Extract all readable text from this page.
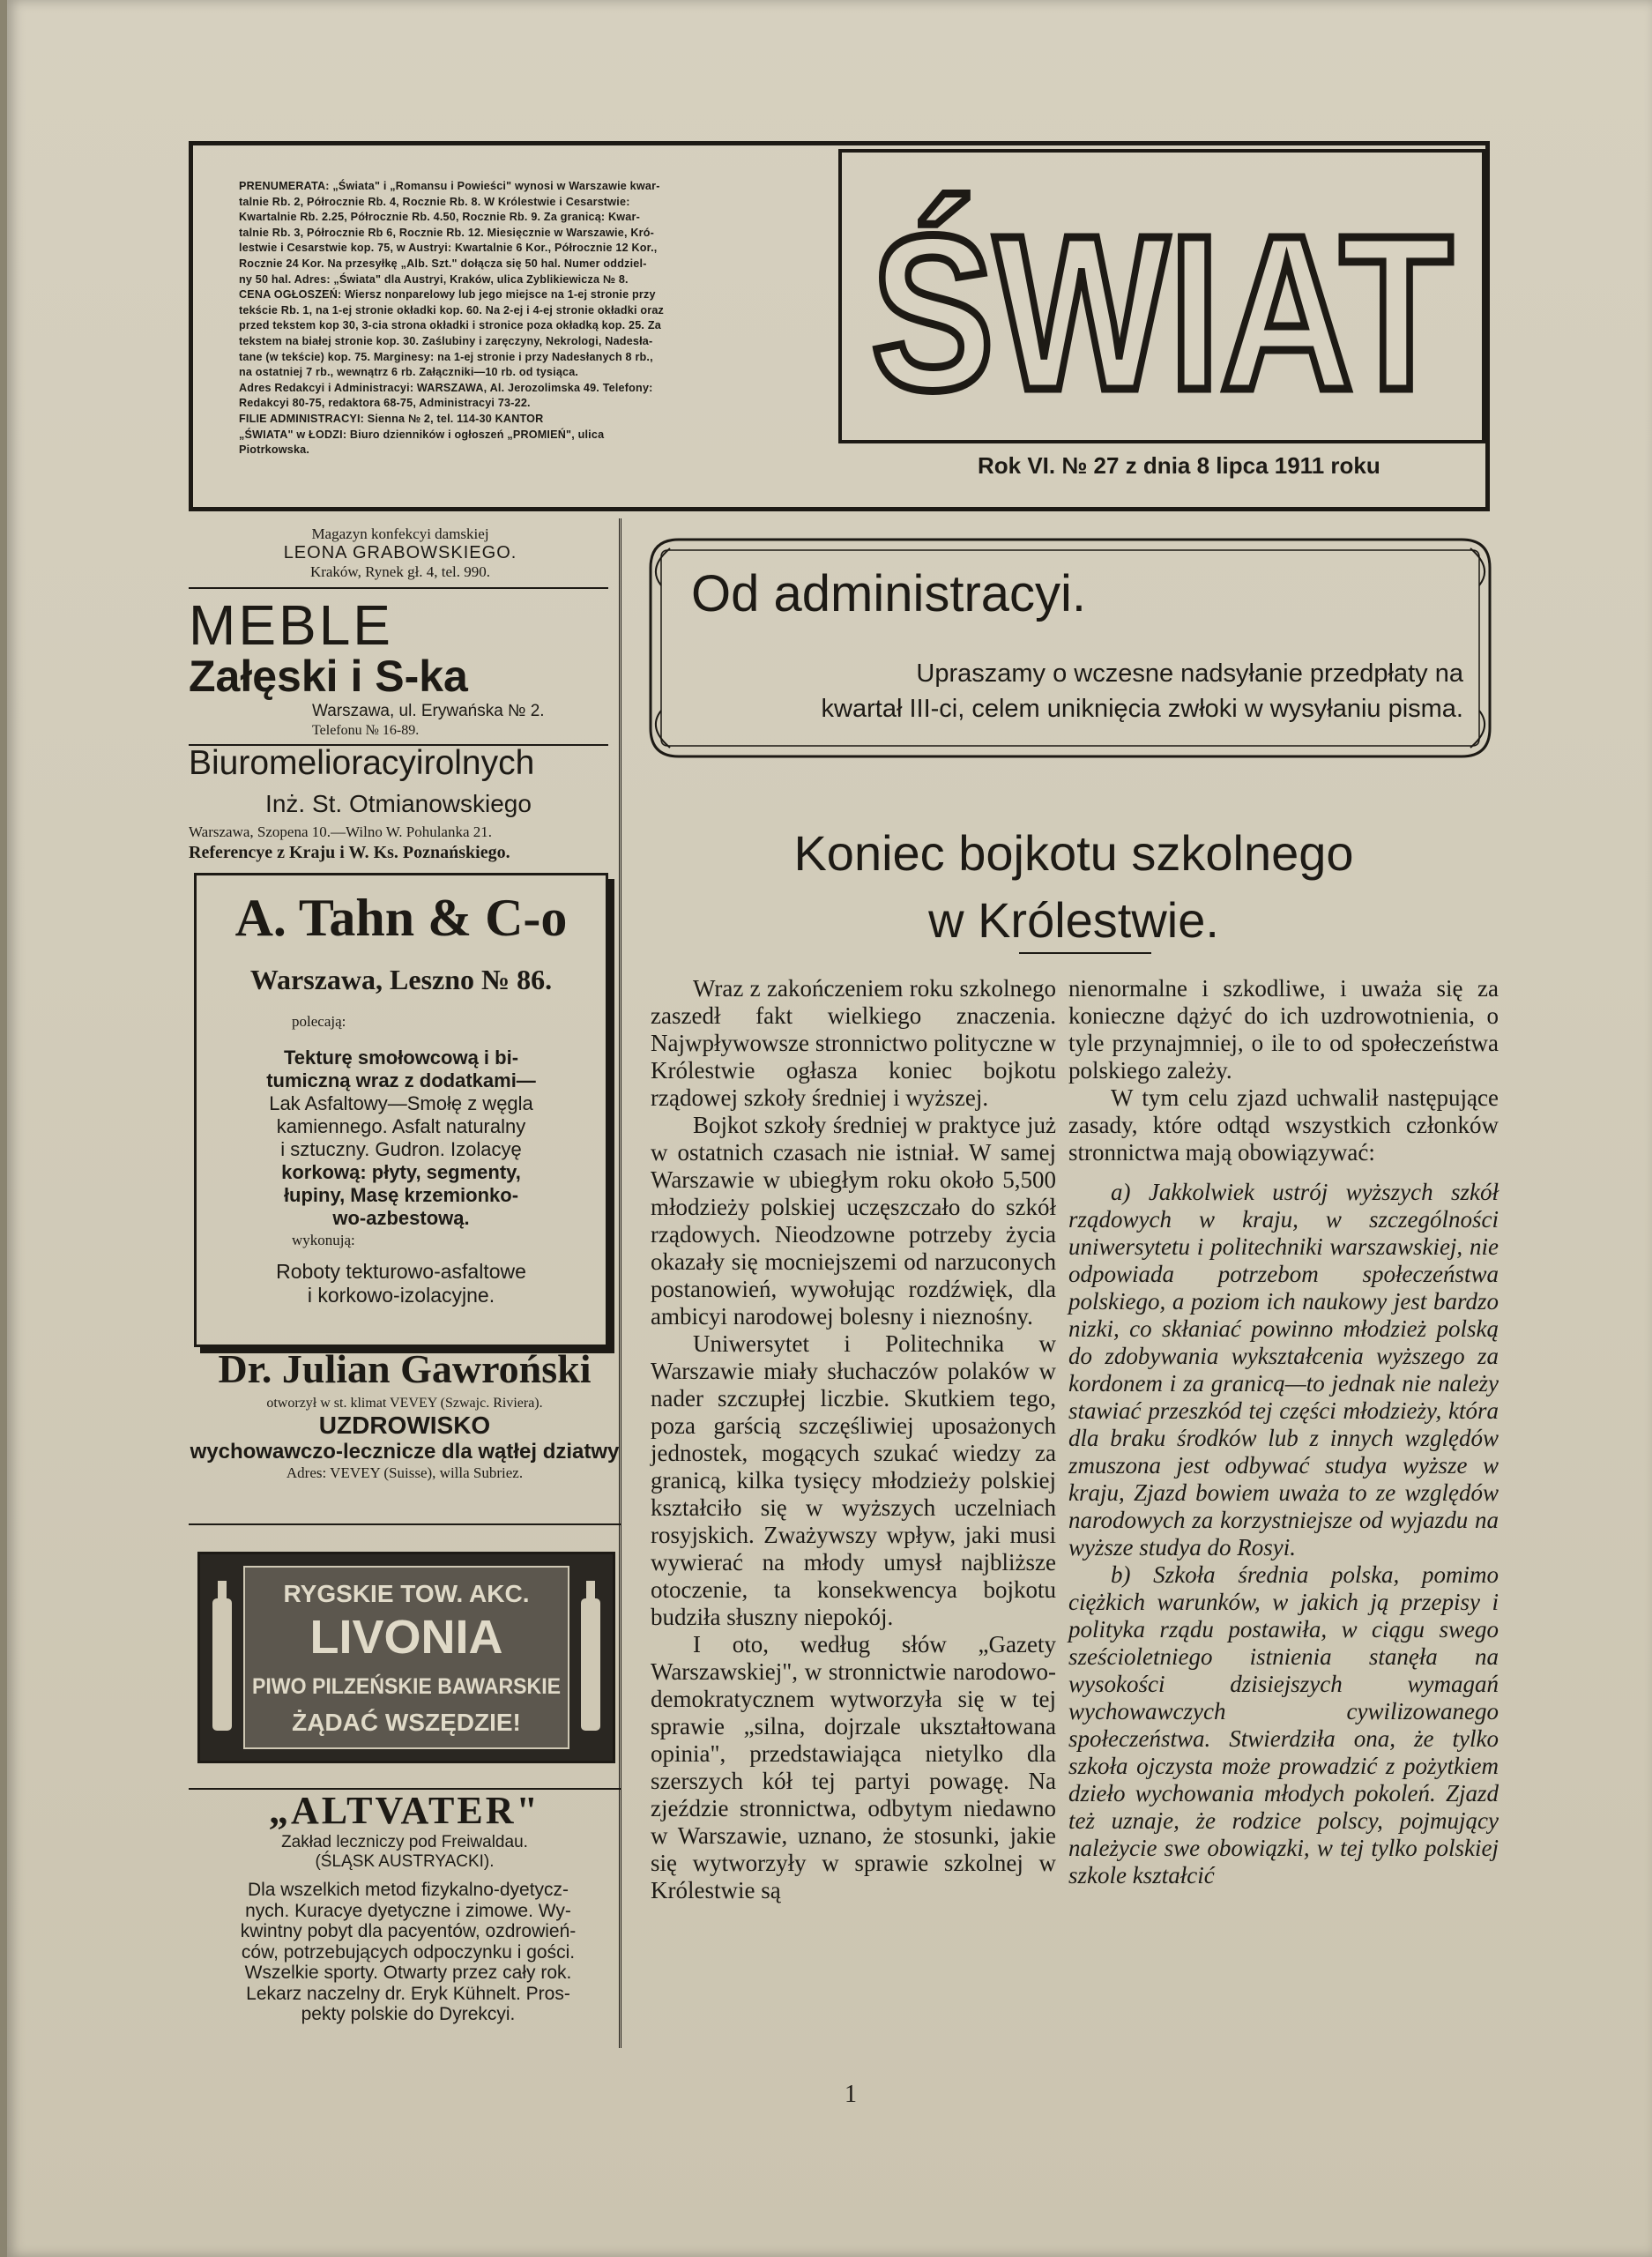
PRENUMERATA: „Świata" i „Romansu i Powieści" wynosi w Warszawie kwar-
talnie Rb. 2, Półrocznie Rb. 4, Rocznie Rb. 8. W Królestwie i Cesarstwie:
Kwartalnie Rb. 2.25, Półrocznie Rb. 4.50, Rocznie Rb. 9. Za granicą: Kwar-
talnie Rb. 3, Półrocznie Rb 6, Rocznie Rb. 12. Miesięcznie w Warszawie, Kró-
lestwie i Cesarstwie kop. 75, w Austryi: Kwartalnie 6 Kor., Półrocznie 12 Kor.,
Rocznie 24 Kor. Na przesyłkę „Alb. Szt." dołącza się 50 hal. Numer oddziel-
ny 50 hal. Adres: „Świata" dla Austryi, Kraków, ulica Zyblikiewicza № 8.
CENA OGŁOSZEŃ: Wiersz nonparelowy lub jego miejsce na 1-ej stronie przy
tekście Rb. 1, na 1-ej stronie okładki kop. 60. Na 2-ej i 4-ej stronie okładki oraz
przed tekstem kop 30, 3-cia strona okładki i stronice poza okładką kop. 25. Za
tekstem na białej stronie kop. 30. Zaślubiny i zaręczyny, Nekrologi, Nadesła-
tane (w tekście) kop. 75. Marginesy: na 1-ej stronie i przy Nadesłanych 8 rb.,
na ostatniej 7 rb., wewnątrz 6 rb. Załączniki—10 rb. od tysiąca.
Adres Redakcyi i Administracyi: WARSZAWA, Al. Jerozolimska 49. Telefony:
Redakcyi 80-75, redaktora 68-75, Administracyi 73-22.
FILIE ADMINISTRACYI: Sienna № 2, tel. 114-30 KANTOR
„ŚWIATA" w ŁODZI: Biuro dzienników i ogłoszeń „PROMIEŃ", ulica
Piotrkowska.
ŚWIAT
Rok VI. № 27 z dnia 8 lipca 1911 roku
Magazyn konfekcyi damskiej
LEONA GRABOWSKIEGO.
Kraków, Rynek gł. 4, tel. 990.
MEBLE
Załęski i S-ka
Warszawa, ul. Erywańska № 2.
Telefonu № 16-89.
Biuromelioracyirolnych
Inż. St. Otmianowskiego
Warszawa, Szopena 10.—Wilno W. Pohulanka 21.
Referencye z Kraju i W. Ks. Poznańskiego.
A. Tahn & C-o
Warszawa, Leszno № 86.
polecają:
Tekturę smołowcową i bi-
tumiczną wraz z dodatkami—
Lak Asfaltowy—Smołę z węgla
kamiennego. Asfalt naturalny
i sztuczny. Gudron. Izolacyę
korkową: płyty, segmenty,
łupiny, Masę krzemionko-
wo-azbestową.
wykonują:
Roboty tekturowo-asfaltowe
i korkowo-izolacyjne.
Dr. Julian Gawroński
otworzył w st. klimat VEVEY (Szwajc. Riviera).
UZDROWISKO
wychowawczo-lecznicze dla wątłej dziatwy
Adres: VEVEY (Suisse), willa Subriez.
RYGSKIE TOW. AKC.
LIVONIA
PIWO PILZEŃSKIE BAWARSKIE
ŻĄDAĆ WSZĘDZIE!
„ALTVATER"
Zakład leczniczy pod Freiwaldau.
(ŚLĄSK AUSTRYACKI).
Dla wszelkich metod fizykalno-dyetycz-
nych. Kuracye dyetyczne i zimowe. Wy-
kwintny pobyt dla pacyentów, ozdrowień-
ców, potrzebujących odpoczynku i gości.
Wszelkie sporty. Otwarty przez cały rok.
Lekarz naczelny dr. Eryk Kühnelt. Pros-
pekty polskie do Dyrekcyi.
Od administracyi.
Upraszamy o wczesne nadsyłanie przedpłaty na
kwartał III-ci, celem uniknięcia zwłoki w wysyłaniu pisma.
Koniec bojkotu szkolnego
w Królestwie.

Wraz z zakończeniem roku szkolnego zaszedł fakt wielkiego znaczenia. Najwpływowsze stronnictwo polityczne w Królestwie ogłasza koniec bojkotu rządowej szkoły średniej i wyższej.

Bojkot szkoły średniej w praktyce już w ostatnich czasach nie istniał. W samej Warszawie w ubiegłym roku około 5,500 młodzieży polskiej uczęszczało do szkół rządowych. Nieodzowne potrzeby życia okazały się mocniejszemi od narzuconych postanowień, wywołując rozdźwięk, dla ambicyi narodowej bolesny i nieznośny.

Uniwersytet i Politechnika w Warszawie miały słuchaczów polaków w nader szczupłej liczbie. Skutkiem tego, poza garścią szczęśliwiej uposażonych jednostek, mogących szukać wiedzy za granicą, kilka tysięcy młodzieży polskiej kształciło się w wyższych uczelniach rosyjskich. Zważywszy wpływ, jaki musi wywierać na młody umysł najbliższe otoczenie, ta konsekwencya bojkotu budziła słuszny niepokój.

I oto, według słów „Gazety Warszawskiej", w stronnictwie narodowo-demokratycznem wytworzyła się w tej sprawie „silna, dojrzale ukształtowana opinia", przedstawiająca nietylko dla szerszych kół tej partyi powagę. Na zjeździe stronnictwa, odbytym niedawno w Warszawie, uznano, że stosunki, jakie się wytworzyły w sprawie szkolnej w Królestwie są

nienormalne i szkodliwe, i uważa się za konieczne dążyć do ich uzdrowotnienia, o tyle przynajmniej, o ile to od społeczeństwa polskiego zależy.

W tym celu zjazd uchwalił następujące zasady, które odtąd wszystkich członków stronnictwa mają obowiązywać:

a) Jakkolwiek ustrój wyższych szkół rządowych w kraju, w szczególności uniwersytetu i politechniki warszawskiej, nie odpowiada potrzebom społeczeństwa polskiego, a poziom ich naukowy jest bardzo nizki, co skłaniać powinno młodzież polską do zdobywania wykształcenia wyższego za kordonem i za granicą—to jednak nie należy stawiać przeszkód tej części młodzieży, która dla braku środków lub z innych względów zmuszona jest odbywać studya wyższe w kraju, Zjazd bowiem uważa to ze względów narodowych za korzystniejsze od wyjazdu na wyższe studya do Rosyi.

b) Szkoła średnia polska, pomimo ciężkich warunków, w jakich ją przepisy i polityka rządu postawiła, w ciągu swego sześcioletniego istnienia stanęła na wysokości dzisiejszych wymagań wychowawczych cywilizowanego społeczeństwa. Stwierdziła ona, że tylko szkoła ojczysta może prowadzić z pożytkiem dzieło wychowania młodych pokoleń. Zjazd też uznaje, że rodzice polscy, pojmujący należycie swe obowiązki, w tej tylko polskiej szkole kształcić

1
